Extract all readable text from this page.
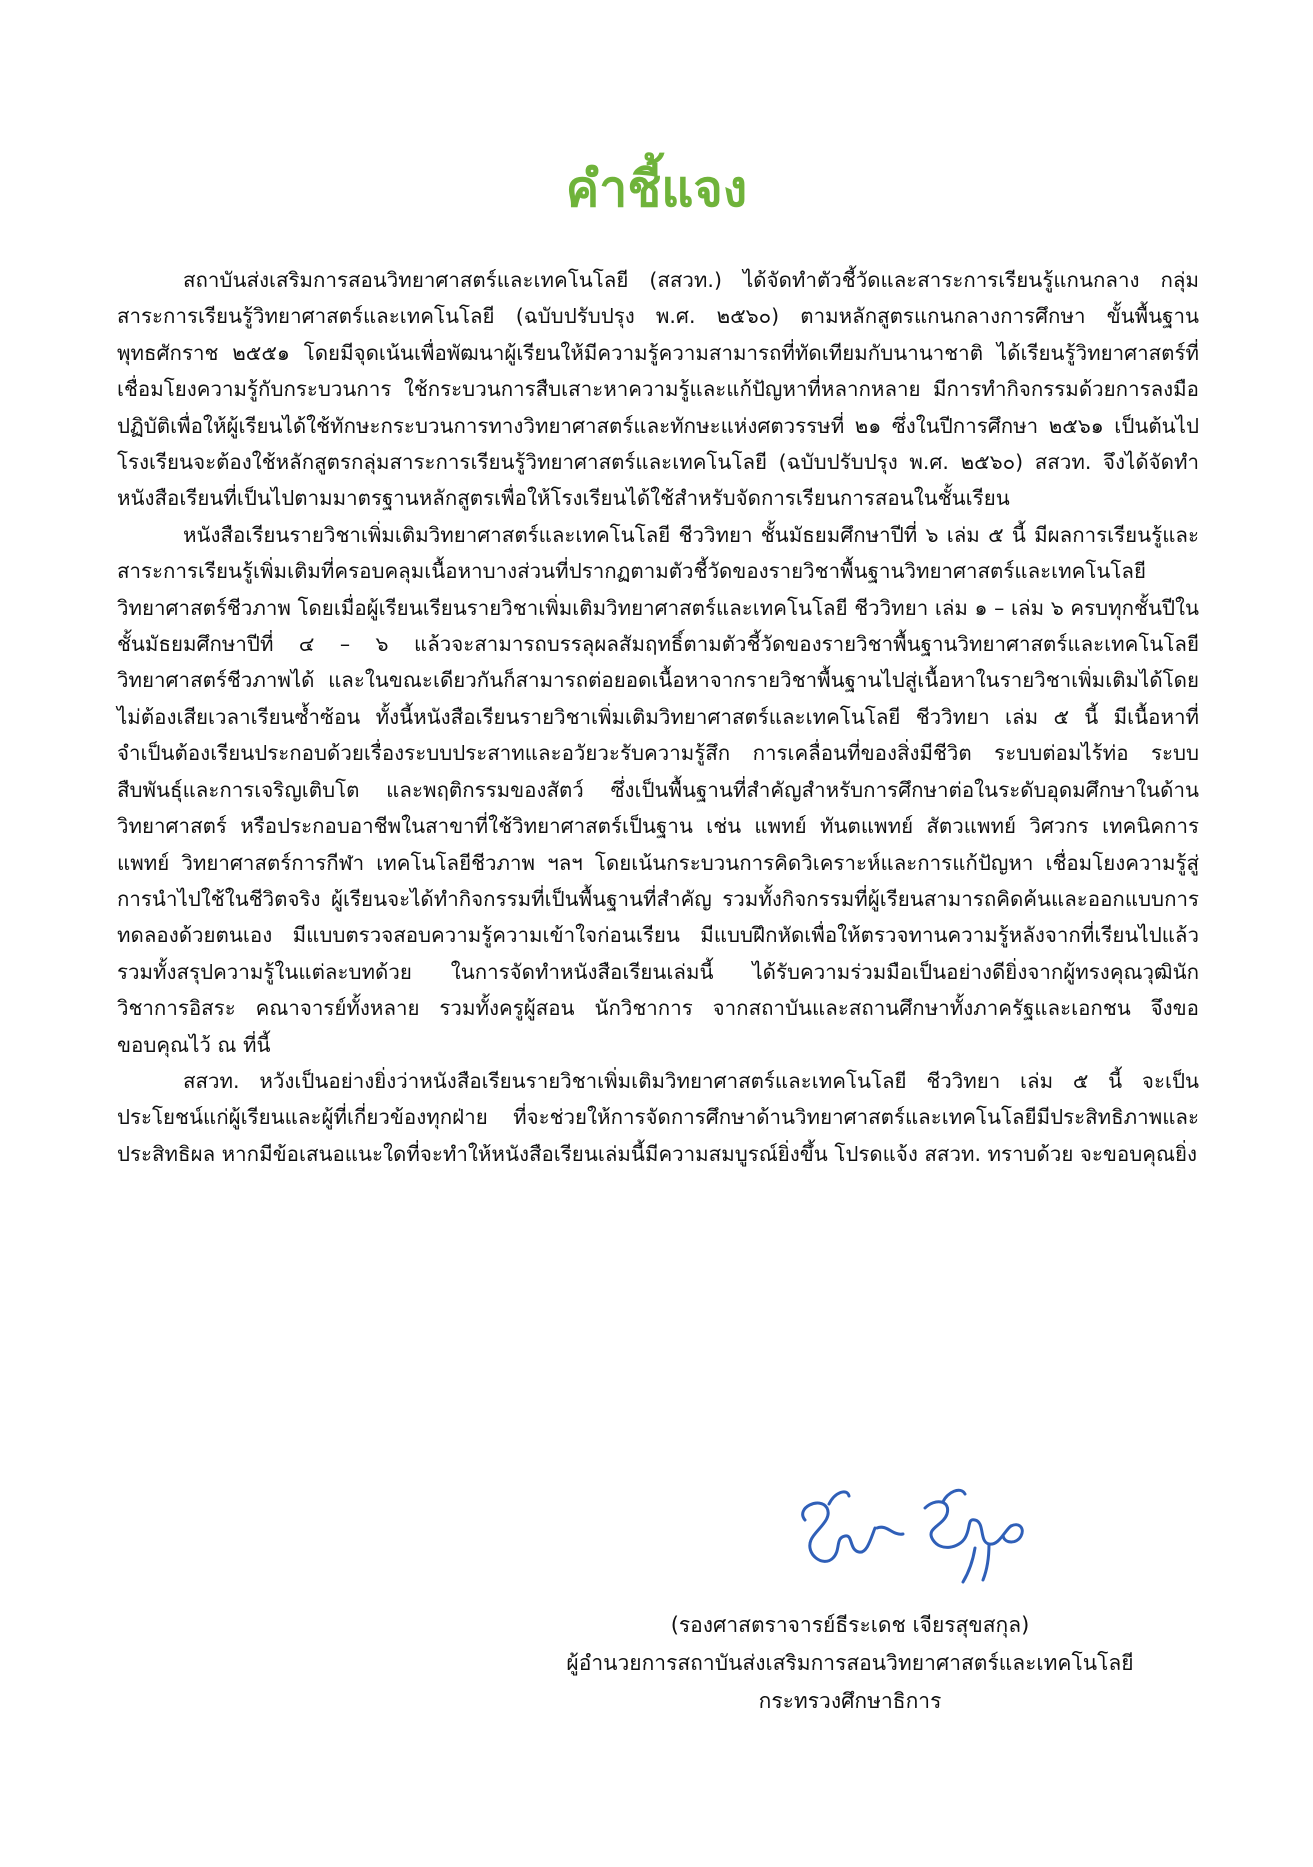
คำชี้แจง

สถาบันส่งเสริมการสอนวิทยาศาสตร์และเทคโนโลยี (สสวท.) ได้จัดทำตัวชี้วัดและสาระการเรียนรู้แกนกลาง กลุ่มสาระการเรียนรู้วิทยาศาสตร์และเทคโนโลยี (ฉบับปรับปรุง พ.ศ. ๒๕๖๐) ตามหลักสูตรแกนกลางการศึกษา ขั้นพื้นฐานพุทธศักราช ๒๕๕๑ โดยมีจุดเน้นเพื่อพัฒนาผู้เรียนให้มีความรู้ความสามารถที่ทัดเทียมกับนานาชาติ ได้เรียนรู้วิทยาศาสตร์ที่เชื่อมโยงความรู้กับกระบวนการ ใช้กระบวนการสืบเสาะหาความรู้และแก้ปัญหาที่หลากหลาย มีการทำกิจกรรมด้วยการลงมือปฏิบัติเพื่อให้ผู้เรียนได้ใช้ทักษะกระบวนการทางวิทยาศาสตร์และทักษะแห่งศตวรรษที่ ๒๑ ซึ่งในปีการศึกษา ๒๕๖๑ เป็นต้นไป โรงเรียนจะต้องใช้หลักสูตรกลุ่มสาระการเรียนรู้วิทยาศาสตร์และเทคโนโลยี (ฉบับปรับปรุง พ.ศ. ๒๕๖๐) สสวท. จึงได้จัดทำหนังสือเรียนที่เป็นไปตามมาตรฐานหลักสูตรเพื่อให้โรงเรียนได้ใช้สำหรับจัดการเรียนการสอนในชั้นเรียน

หนังสือเรียนรายวิชาเพิ่มเติมวิทยาศาสตร์และเทคโนโลยี ชีววิทยา ชั้นมัธยมศึกษาปีที่ ๖ เล่ม ๕ นี้ มีผลการเรียนรู้และสาระการเรียนรู้เพิ่มเติมที่ครอบคลุมเนื้อหาบางส่วนที่ปรากฏตามตัวชี้วัดของรายวิชาพื้นฐานวิทยาศาสตร์และเทคโนโลยี วิทยาศาสตร์ชีวภาพ โดยเมื่อผู้เรียนเรียนรายวิชาเพิ่มเติมวิทยาศาสตร์และเทคโนโลยี ชีววิทยา เล่ม ๑ – เล่ม ๖ ครบทุกชั้นปีในชั้นมัธยมศึกษาปีที่ ๔ – ๖ แล้วจะสามารถบรรลุผลสัมฤทธิ์ตามตัวชี้วัดของรายวิชาพื้นฐานวิทยาศาสตร์และเทคโนโลยี วิทยาศาสตร์ชีวภาพได้ และในขณะเดียวกันก็สามารถต่อยอดเนื้อหาจากรายวิชาพื้นฐานไปสู่เนื้อหาในรายวิชาเพิ่มเติมได้โดยไม่ต้องเสียเวลาเรียนซ้ำซ้อน ทั้งนี้หนังสือเรียนรายวิชาเพิ่มเติมวิทยาศาสตร์และเทคโนโลยี ชีววิทยา เล่ม ๕ นี้ มีเนื้อหาที่จำเป็นต้องเรียนประกอบด้วยเรื่องระบบประสาทและอวัยวะรับความรู้สึก การเคลื่อนที่ของสิ่งมีชีวิต ระบบต่อมไร้ท่อ ระบบสืบพันธุ์และการเจริญเติบโต และพฤติกรรมของสัตว์ ซึ่งเป็นพื้นฐานที่สำคัญสำหรับการศึกษาต่อในระดับอุดมศึกษาในด้านวิทยาศาสตร์ หรือประกอบอาชีพในสาขาที่ใช้วิทยาศาสตร์เป็นฐาน เช่น แพทย์ ทันตแพทย์ สัตวแพทย์ วิศวกร เทคนิคการแพทย์ วิทยาศาสตร์การกีฬา เทคโนโลยีชีวภาพ ฯลฯ โดยเน้นกระบวนการคิดวิเคราะห์และการแก้ปัญหา เชื่อมโยงความรู้สู่การนำไปใช้ในชีวิตจริง ผู้เรียนจะได้ทำกิจกรรมที่เป็นพื้นฐานที่สำคัญ รวมทั้งกิจกรรมที่ผู้เรียนสามารถคิดค้นและออกแบบการทดลองด้วยตนเอง มีแบบตรวจสอบความรู้ความเข้าใจก่อนเรียน มีแบบฝึกหัดเพื่อให้ตรวจทานความรู้หลังจากที่เรียนไปแล้ว รวมทั้งสรุปความรู้ในแต่ละบทด้วย ในการจัดทำหนังสือเรียนเล่มนี้ ได้รับความร่วมมือเป็นอย่างดียิ่งจากผู้ทรงคุณวุฒินักวิชาการอิสระ คณาจารย์ทั้งหลาย รวมทั้งครูผู้สอน นักวิชาการ จากสถาบันและสถานศึกษาทั้งภาครัฐและเอกชน จึงขอขอบคุณไว้ ณ ที่นี้

สสวท. หวังเป็นอย่างยิ่งว่าหนังสือเรียนรายวิชาเพิ่มเติมวิทยาศาสตร์และเทคโนโลยี ชีววิทยา เล่ม ๕ นี้ จะเป็นประโยชน์แก่ผู้เรียนและผู้ที่เกี่ยวข้องทุกฝ่าย ที่จะช่วยให้การจัดการศึกษาด้านวิทยาศาสตร์และเทคโนโลยีมีประสิทธิภาพและประสิทธิผล หากมีข้อเสนอแนะใดที่จะทำให้หนังสือเรียนเล่มนี้มีความสมบูรณ์ยิ่งขึ้น โปรดแจ้ง สสวท. ทราบด้วย จะขอบคุณยิ่ง

(รองศาสตราจารย์ธีระเดช เจียรสุขสกุล)
ผู้อำนวยการสถาบันส่งเสริมการสอนวิทยาศาสตร์และเทคโนโลยี
กระทรวงศึกษาธิการ
